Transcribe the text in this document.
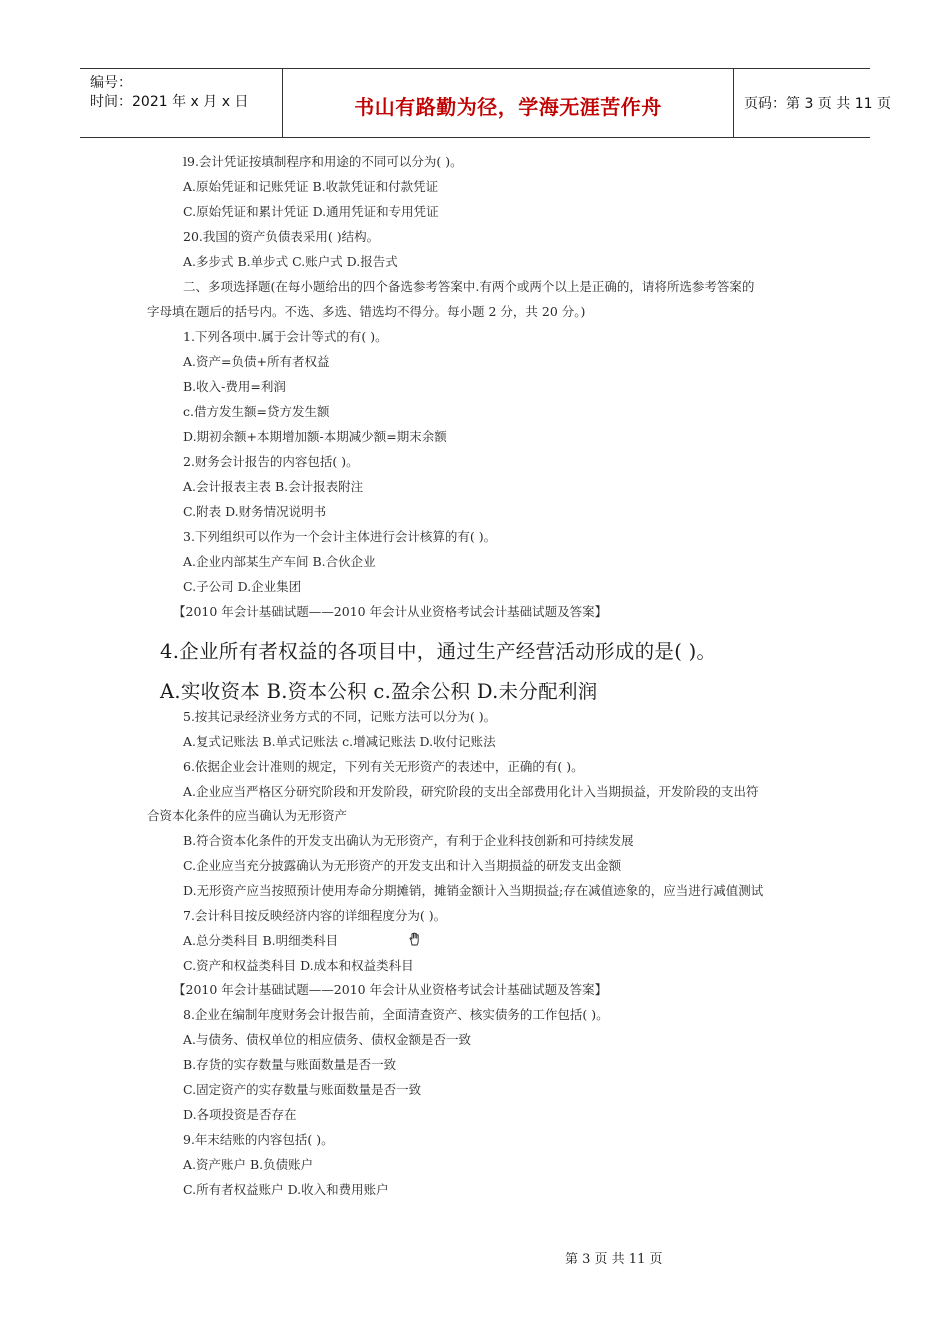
编号：
时间：2021 年 x 月 x 日	书山有路勤为径，学海无涯苦作舟	页码：第 3 页 共 11 页
l9.会计凭证按填制程序和用途的不同可以分为( )。
A.原始凭证和记账凭证 B.收款凭证和付款凭证
C.原始凭证和累计凭证 D.通用凭证和专用凭证
20.我国的资产负债表采用( )结构。
A.多步式 B.单步式 C.账户式 D.报告式
二、多项选择题(在每小题给出的四个备选参考答案中.有两个或两个以上是正确的，请将所选参考答案的
字母填在题后的括号内。不选、多选、错选均不得分。每小题 2 分，共 20 分。)
1.下列各项中.属于会计等式的有( )。
A.资产=负债+所有者权益
B.收入-费用=利润
c.借方发生额=贷方发生额
D.期初余额+本期增加额-本期减少额=期末余额
2.财务会计报告的内容包括( )。
A.会计报表主表 B.会计报表附注
C.附表 D.财务情况说明书
3.下列组织可以作为一个会计主体进行会计核算的有( )。
A.企业内部某生产车间 B.合伙企业
C.子公司 D.企业集团
【2010 年会计基础试题——2010 年会计从业资格考试会计基础试题及答案】
4.企业所有者权益的各项目中，通过生产经营活动形成的是( )。
A.实收资本 B.资本公积 c.盈余公积 D.未分配利润
5.按其记录经济业务方式的不同，记账方法可以分为( )。
A.复式记账法 B.单式记账法 c.增减记账法 D.收付记账法
6.依据企业会计准则的规定，下列有关无形资产的表述中，正确的有( )。
A.企业应当严格区分研究阶段和开发阶段，研究阶段的支出全部费用化计入当期损益，开发阶段的支出符
合资本化条件的应当确认为无形资产
B.符合资本化条件的开发支出确认为无形资产，有利于企业科技创新和可持续发展
C.企业应当充分披露确认为无形资产的开发支出和计入当期损益的研发支出金额
D.无形资产应当按照预计使用寿命分期摊销，摊销金额计入当期损益;存在减值迹象的，应当进行减值测试
7.会计科目按反映经济内容的详细程度分为( )。
A.总分类科目 B.明细类科目
C.资产和权益类科目 D.成本和权益类科目
【2010 年会计基础试题——2010 年会计从业资格考试会计基础试题及答案】
8.企业在编制年度财务会计报告前，全面清查资产、核实债务的工作包括( )。
A.与债务、债权单位的相应债务、债权金额是否一致
B.存货的实存数量与账面数量是否一致
C.固定资产的实存数量与账面数量是否一致
D.各项投资是否存在
9.年末结账的内容包括( )。
A.资产账户 B.负债账户
C.所有者权益账户 D.收入和费用账户
第 3 页 共 11 页
